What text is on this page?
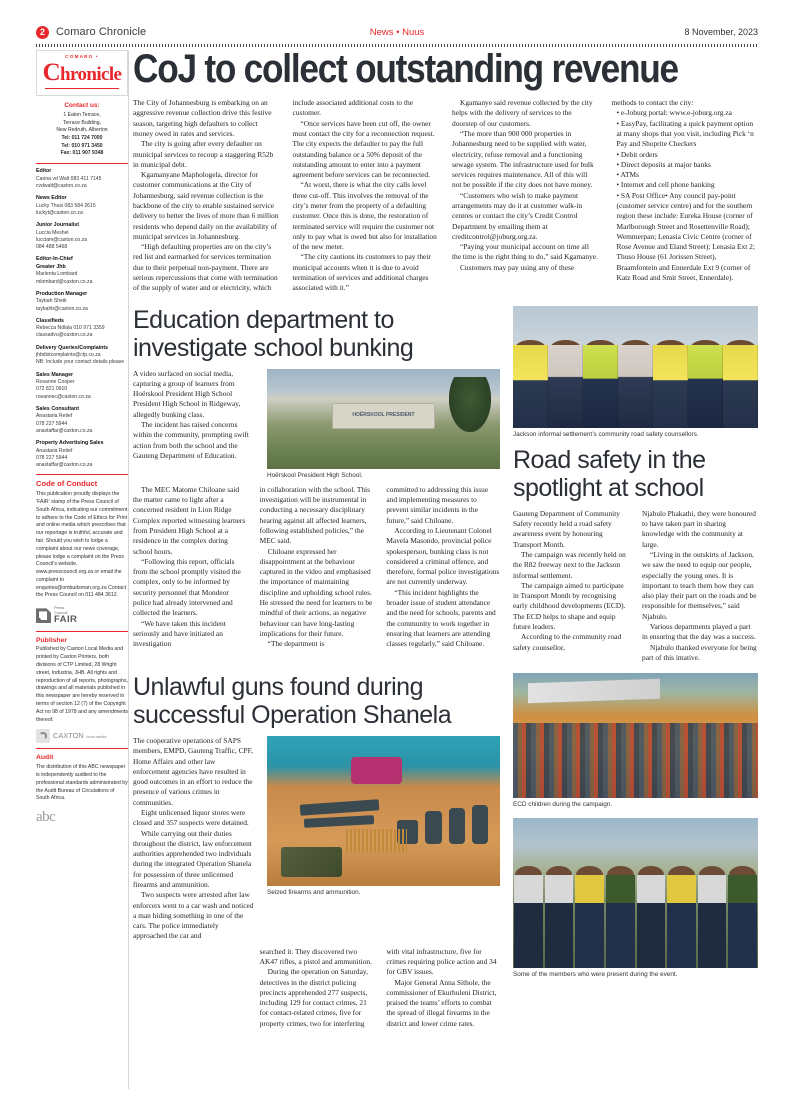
2	Comaro Chronicle	News • Nuus	8 November, 2023
COMARO •
Chronicle
Contact us:
1 Eaton Terrace,
Terrace Building,
New Redruth, Alberton
Tel: 011 724 7000
Tel: 010 971 3450
Fax: 011 907 9348
Editor
Carina vd Walt 083 411 7145
cvdwalt@caxton.co.za
News Editor
Lucky Thusi 083 584 2615
luckyt@caxton.co.za
Junior Journalist
Luccia Meshel
lucciam@caxton.co.za
084 488 5468
Editor-In-Chief
Greater Jhb
Marlenta Lombard
mlombard@caxton.co.za
Production Manager
Taybah Sheik
taybahb@caxton.co.za
Classifieds
Rebecca Ndlala 010 971 3359
classadvu@caxton.co.za
Delivery Queries/Complaints
jhbdistcomplaints@ctp.co.za
NB: Include your contact details please
Sales Manager
Rosanne Cooper
072 821 0910
rosannec@caxton.co.za
Sales Consultant
Anastaria Retief
078 227 5944
anastaffar@caxton.co.za
Property Advertising Sales
Anastaria Retief
078 227 5944
anastaffar@caxton.co.za
Code of Conduct
This publication proudly displays the ‘FAIR’ stamp of the Press Council of South Africa, indicating our commitment to adhere to the Code of Ethics for Print and online media which prescribes that our reportage is truthful, accurate and fair. Should you wish to lodge a complaint about our news coverage, please lodge a complaint on the Press Council’s website, www.presscouncil.org.za or email the complaint to enquiries@ombudsman.org.za Contact the Press Council on 011 484 3612.
Press
Council
FAIR
Publisher
Published by Caxton Local Media and printed by Caxton Printers, both divisions of CTP Limited, 28 Wright street, Industria, JHB. All rights and reproduction of all reports, photographs, drawings and all materials published in this newspaper are hereby reserved in terms of section 12 (7) of the Copyright Act no 98 of 1978 and any amendments thereof.
CAXTON local media
Audit
The distribution of this ABC newspaper is independently audited to the professional standards administrated by the Audit Bureau of Circulations of South Africa.
abc
CoJ to collect outstanding revenue

The City of Johannesburg is embarking on an aggressive revenue collection drive this festive season, targeting high defaulters to collect money owed in rates and services.

The city is going after every defaulter on municipal services to recoup a staggering R52b in municipal debt.

Kgamanyane Maphologela, director for customer communications at the City of Johannesburg, said revenue collection is the backbone of the city to enable sustained service delivery to better the lives of more than 6 million residents who depend daily on the availability of municipal services in Johannesburg.

“High defaulting properties are on the city’s red list and earmarked for services termination due to their perpetual non-payment. There are serious repercussions that come with termination of the supply of water and or electricity, which

include associated additional costs to the customer.

“Once services have been cut off, the owner must contact the city for a reconnection request. The city expects the defaulter to pay the full outstanding balance or a 50% deposit of the outstanding amount to enter into a payment agreement before services can be reconnected.

“At worst, there is what the city calls level three cut-off. This involves the removal of the city’s meter from the property of a defaulting customer. Once this is done, the restoration of terminated service will require the customer not only to pay what is owed but also for installation of the new meter.

“The city cautions its customers to pay their municipal accounts when it is due to avoid termination of services and additional charges associated with it.”

Kgamanye said revenue collected by the city helps with the delivery of services to the doorstep of our customers.

“The more than 900 000 properties in Johannesburg need to be supplied with water, electricity, refuse removal and a functioning sewage system. The infrastructure used for bulk services requires maintenance. All of this will not be possible if the city does not have money.

“Customers who wish to make payment arrangements may do it at customer walk-in centres or contact the city’s Credit Control Department by emailing them at creditcontrol@joburg.org.za.

“Paying your municipal account on time all the time is the right thing to do,” said Kgamanye.

Customers may pay using any of these

methods to contact the city:

• e-Joburg portal: www.e-joburg.org.za

• EasyPay, facilitating a quick payment option at many shops that you visit, including Pick ‘n Pay and Shoprite Checkers

• Debit orders

• Direct deposits at major banks

• ATMs

• Internet and cell phone banking

• SA Post Office• Any council pay-point (customer service centre) and for the southern region these include: Eureka House (corner of Marlborough Street and Rosettenville Road); Wemmerpan; Lenasia Civic Centre (corner of Rose Avenue and Eland Street); Lenasia Ext 2; Thuso House (61 Jorissen Street), Braamfontein and Ennerdale Ext 9 (corner of Katz Road and Smit Street, Ennerdale).

Education department to investigate school bunking

A video surfaced on social media, capturing a group of learners from Hoërskool President High School President High School in Ridgeway, allegedly bunking class.

The incident has raised concerns within the community, prompting swift action from both the school and the Gauteng Department of Education.

HOËRSKOOL PRESIDENT
Hoërskool President High School.

The MEC Matome Chiloane said the matter came to light after a concerned resident in Lion Ridge Complex reported witnessing learners from President High School at a residence in the complex during school hours.

“Following this report, officials from the school promptly visited the complex, only to be informed by security personnel that Mondeor police had already intervened and collected the learners.

“We have taken this incident seriously and have initiated an investigation

in collaboration with the school. This investigation will be instrumental in conducting a necessary disciplinary hearing against all affected learners, following established policies,” the MEC said.

Chiloane expressed her disappointment at the behaviour captured in the video and emphasised the importance of maintaining discipline and upholding school rules. He stressed the need for learners to be mindful of their actions, as negative behaviour can have long-lasting implications for their future.

“The department is

committed to addressing this issue and implementing measures to prevent similar incidents in the future,” said Chiloane.

According to Lieutenant Colonel Mavela Masondo, provincial police spokesperson, bunking class is not considered a criminal offence, and therefore, formal police investigations are not currently underway.

“This incident highlights the broader issue of student attendance and the need for schools, parents and the community to work together in ensuring that learners are attending classes regularly,” said Chiloane.

Jackson informal settlement’s community road safety counsellors.
Road safety in the spotlight at school

Gauteng Department of Community Safety recently held a road safety awareness event by honouring Transport Month.

The campaign was recently held on the R82 freeway next to the Jackson informal settlement.

The campaign aimed to participate in Transport Month by recognising early childhood developments (ECD). The ECD helps to shape and equip future leaders.

According to the community road safety counsellor,

Njabulo Phakathi, they were honoured to have taken part in sharing knowledge with the community at large.

“Living in the outskirts of Jackson, we saw the need to equip our people, especially the young ones. It is important to teach them how they can also play their part on the roads and be responsible for themselves,” said Njabulo.

Various departments played a part in ensuring that the day was a success.

Njabulo thanked everyone for being part of this imative.

Unlawful guns found during successful Operation Shanela

The cooperative operations of SAPS members, EMPD, Gauteng Traffic, CPF, Home Affairs and other law enforcement agencies have resulted in good outcomes in an effort to reduce the presence of various crimes in communities.

Eight unlicensed liquor stores were closed and 357 suspects were detained.

While carrying out their duties throughout the district, law enforcement authorities apprehended two individuals during the integrated Operation Shanela for possession of three unlicensed firearms and ammunition.

Two suspects were arrested after law enforcers went to a car wash and noticed a man hiding something in one of the cars. The police immediately approached the car and

Seized firearms and ammunition.

searched it. They discovered two AK47 rifles, a pistol and ammunition.

During the operation on Saturday, detectives in the district policing precincts apprehended 277 suspects, including 129 for contact crimes, 21 for contact-related crimes, five for property crimes, two for interfering

with vital infrastructure, five for crimes requiring police action and 34 for GBV issues.

Major General Anna Sithole, the commissioner of Ekurhuleni District, praised the teams’ efforts to combat the spread of illegal firearms in the district and lower crime rates.

ECD children during the campaign.
Some of the members who were present during the event.
